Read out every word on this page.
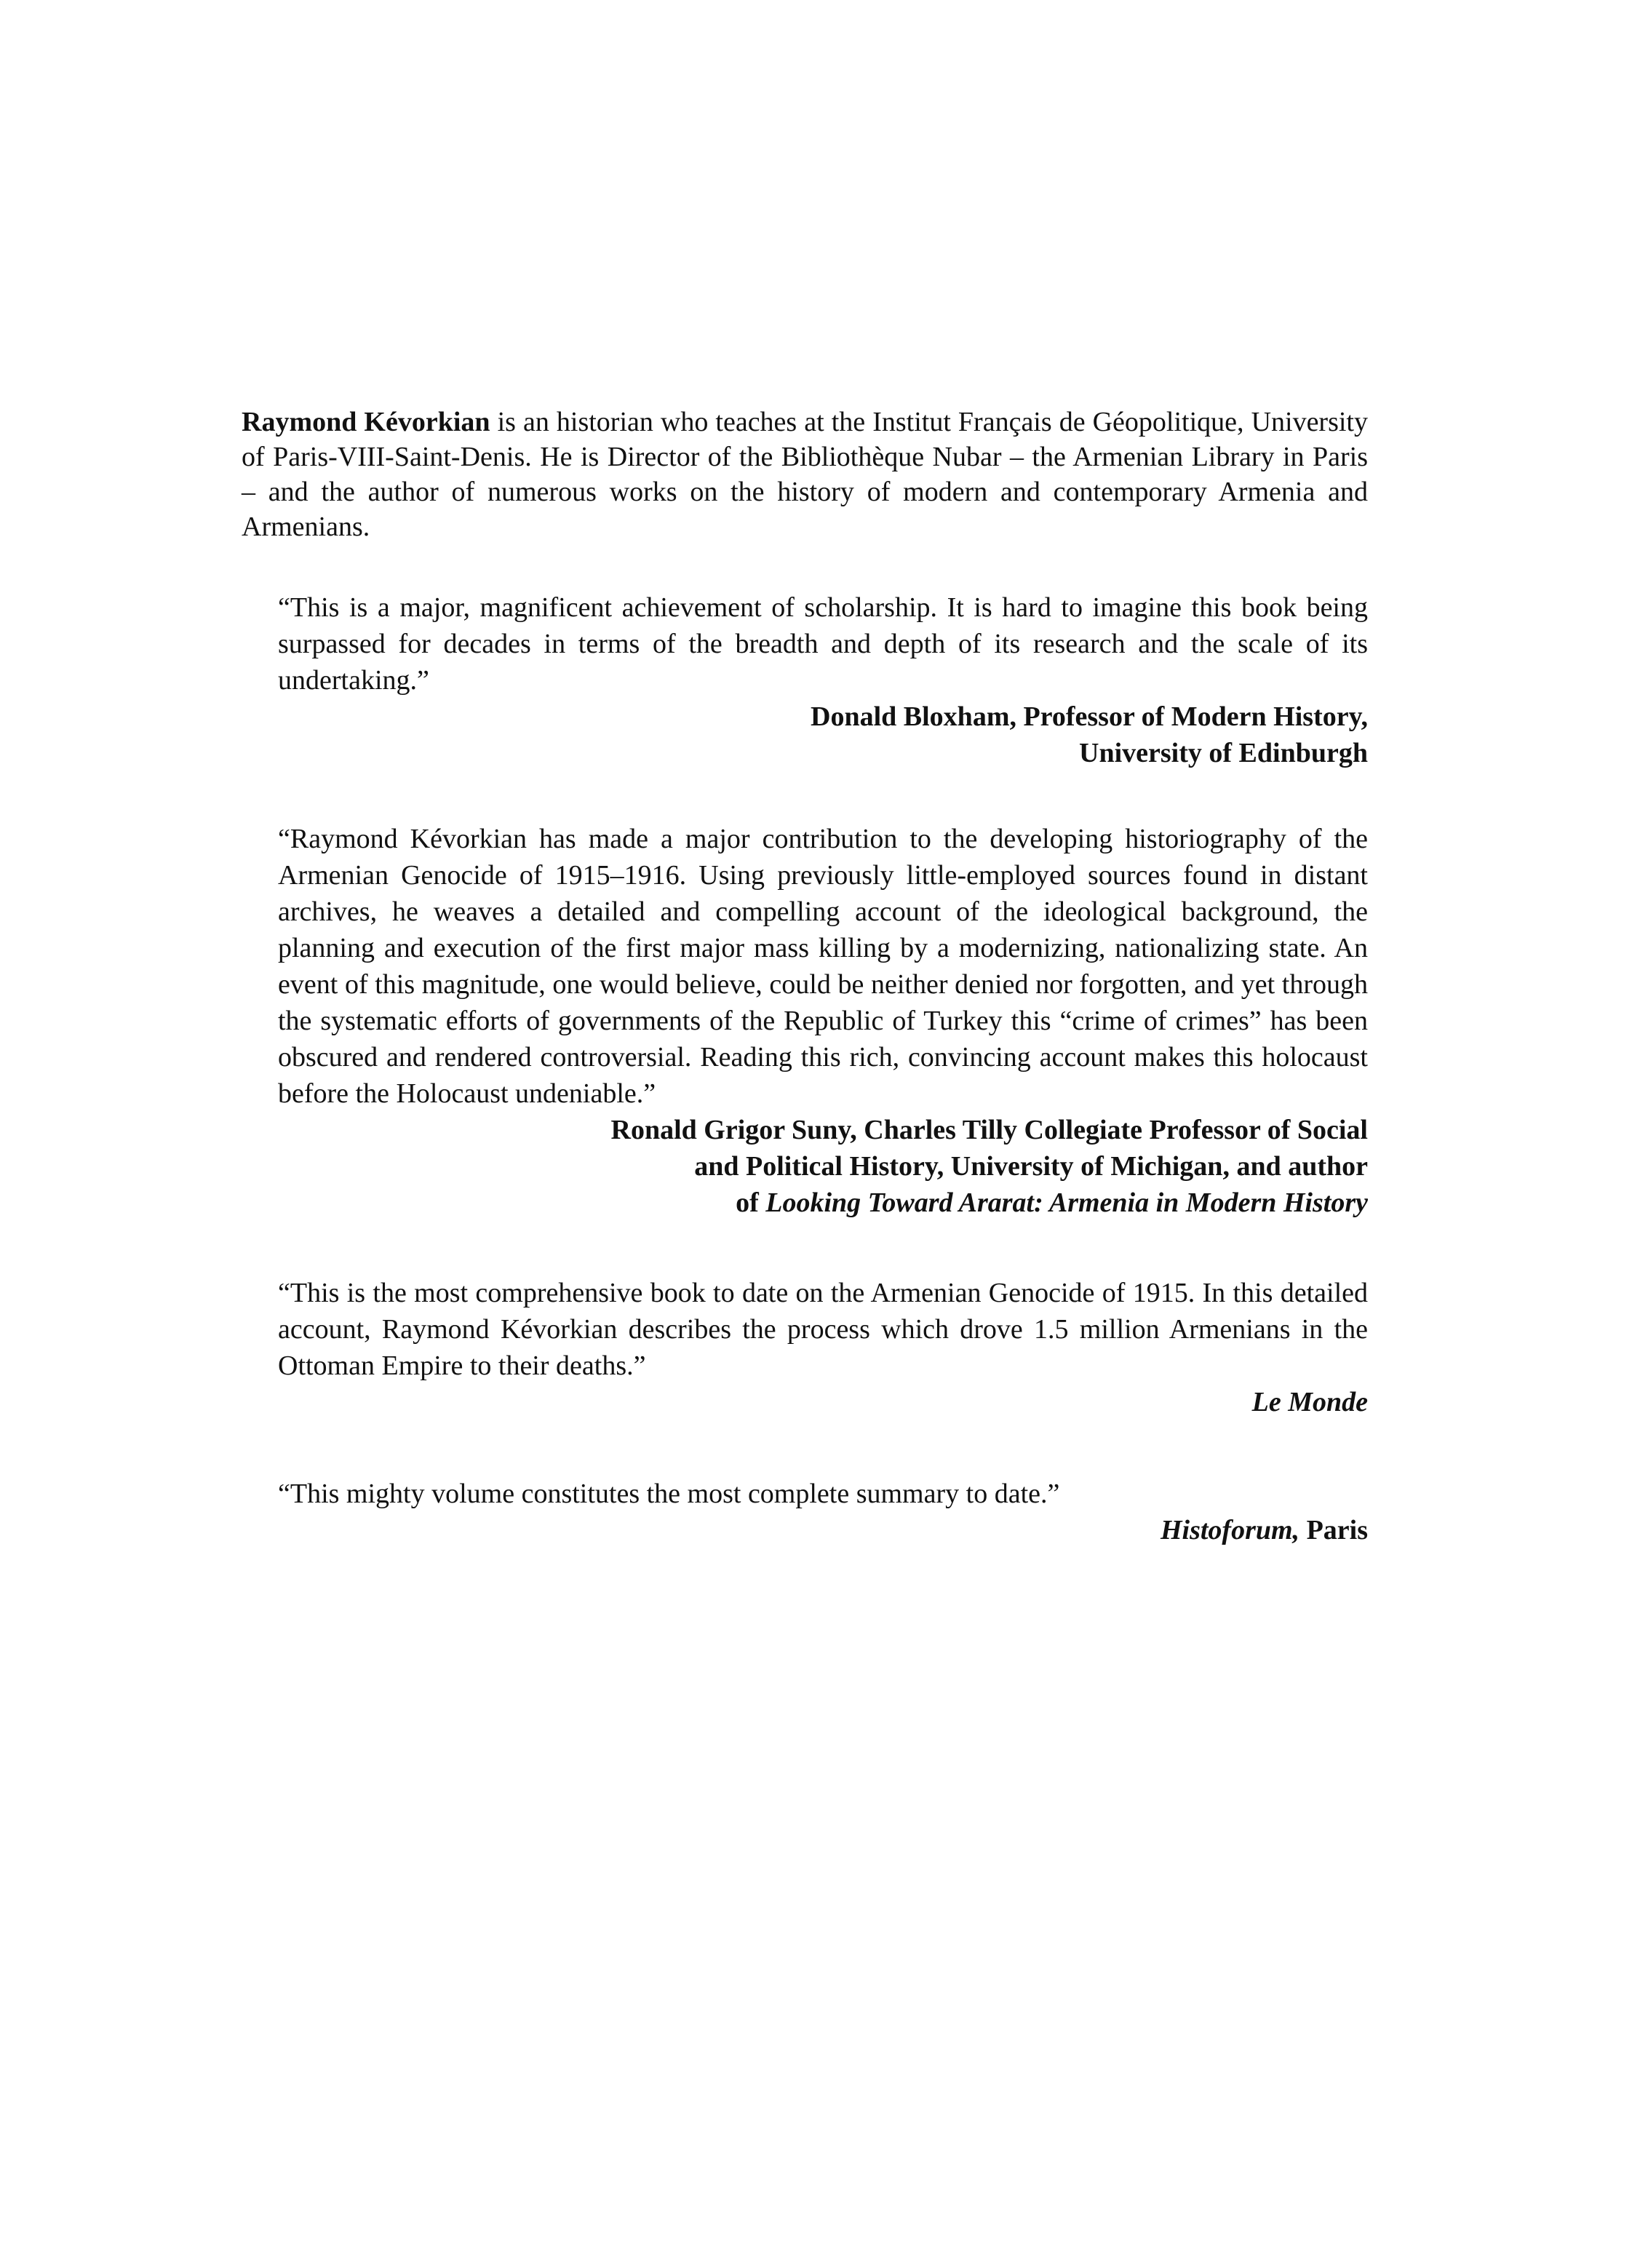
Raymond Kévorkian is an historian who teaches at the Institut Français de Géopolitique, University of Paris-VIII-Saint-Denis. He is Director of the Bibliothèque Nubar – the Armenian Library in Paris – and the author of numerous works on the history of modern and contemporary Armenia and Armenians.

“This is a major, magnificent achievement of scholarship. It is hard to imagine this book being surpassed for decades in terms of the breadth and depth of its research and the scale of its undertaking.”

Donald Bloxham, Professor of Modern History,
University of Edinburgh

“Raymond Kévorkian has made a major contribution to the developing historiography of the Armenian Genocide of 1915–1916. Using previously little-employed sources found in distant archives, he weaves a detailed and compelling account of the ideological background, the planning and execution of the first major mass killing by a modernizing, nationalizing state. An event of this magnitude, one would believe, could be neither denied nor forgotten, and yet through the systematic efforts of governments of the Republic of Turkey this “crime of crimes” has been obscured and rendered controversial. Reading this rich, convincing account makes this holocaust before the Holocaust undeniable.”

Ronald Grigor Suny, Charles Tilly Collegiate Professor of Social
and Political History, University of Michigan, and author
of Looking Toward Ararat: Armenia in Modern History

“This is the most comprehensive book to date on the Armenian Genocide of 1915. In this detailed account, Raymond Kévorkian describes the process which drove 1.5 million Armenians in the Ottoman Empire to their deaths.”

Le Monde

“This mighty volume constitutes the most complete summary to date.”

Histoforum, Paris
